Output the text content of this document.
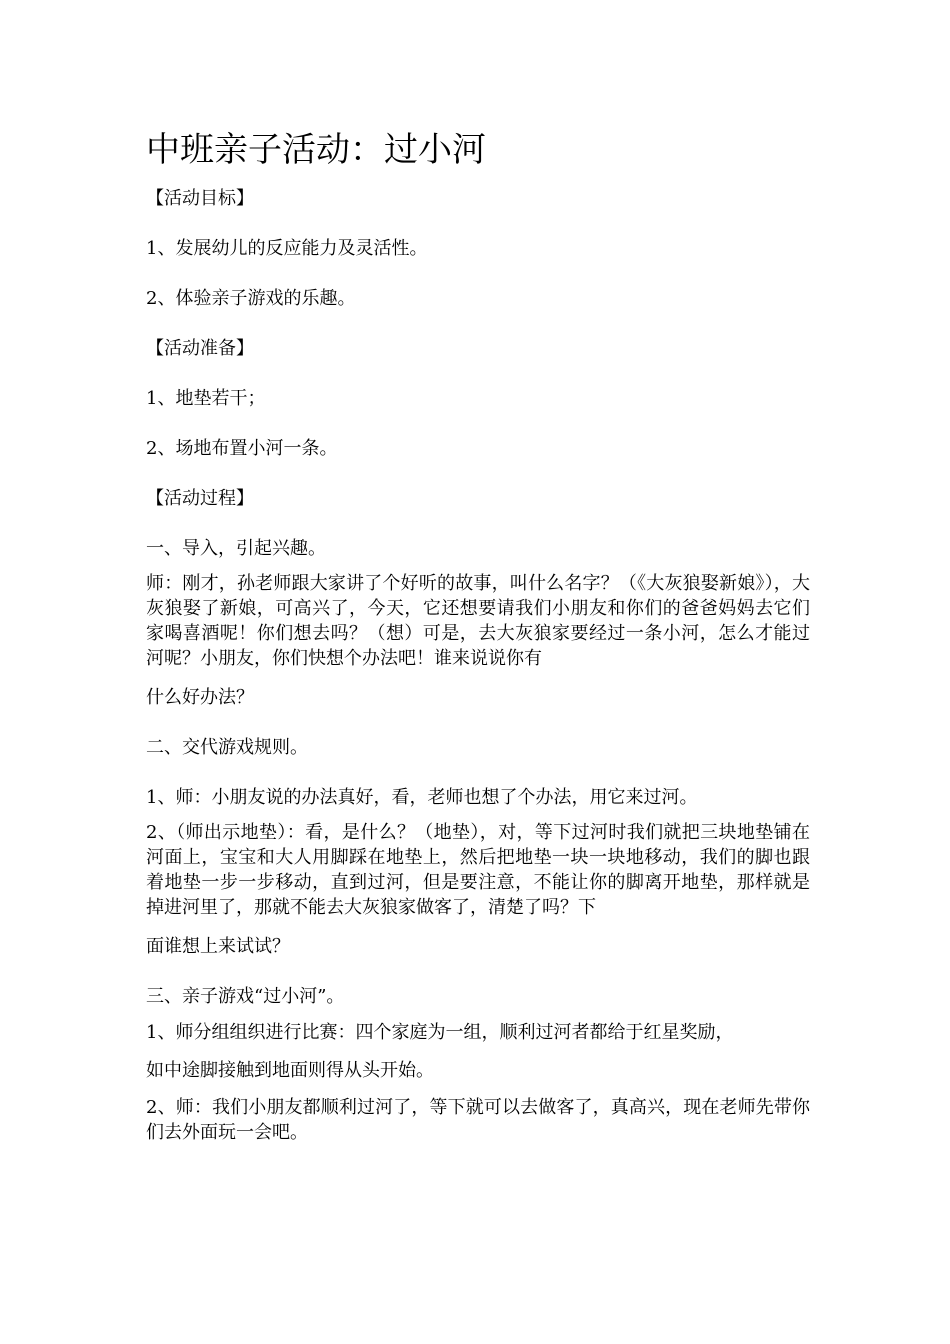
中班亲子活动：过小河

【活动目标】

1、发展幼儿的反应能力及灵活性。

2、体验亲子游戏的乐趣。

【活动准备】

1、地垫若干；

2、场地布置小河一条。

【活动过程】

一、导入，引起兴趣。

师：刚才，孙老师跟大家讲了个好听的故事，叫什么名字？（《大灰狼娶新娘》），大灰狼娶了新娘，可高兴了，今天，它还想要请我们小朋友和你们的爸爸妈妈去它们家喝喜酒呢！你们想去吗？（想）可是，去大灰狼家要经过一条小河，怎么才能过河呢？小朋友，你们快想个办法吧！谁来说说你有

什么好办法？

二、交代游戏规则。

1、师：小朋友说的办法真好，看，老师也想了个办法，用它来过河。

2、（师出示地垫）：看，是什么？（地垫），对，等下过河时我们就把三块地垫铺在河面上，宝宝和大人用脚踩在地垫上，然后把地垫一块一块地移动，我们的脚也跟着地垫一步一步移动，直到过河，但是要注意，不能让你的脚离开地垫，那样就是掉进河里了，那就不能去大灰狼家做客了，清楚了吗？下

面谁想上来试试？

三、亲子游戏“过小河”。

1、师分组组织进行比赛：四个家庭为一组，顺利过河者都给于红星奖励，

如中途脚接触到地面则得从头开始。

2、师：我们小朋友都顺利过河了，等下就可以去做客了，真高兴，现在老师先带你们去外面玩一会吧。
